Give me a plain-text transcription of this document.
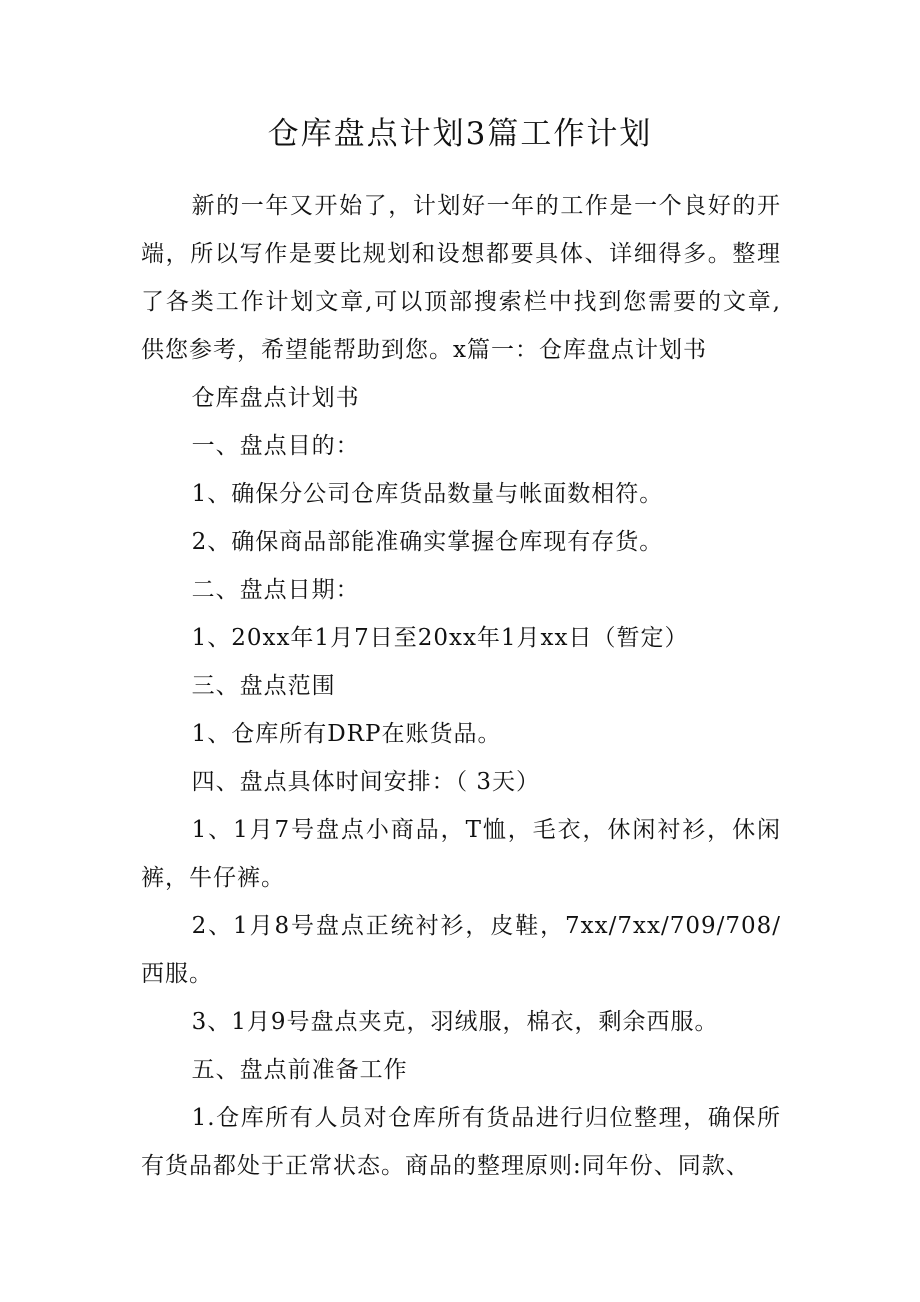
仓库盘点计划3篇工作计划

新的一年又开始了，计划好一年的工作是一个良好的开端，所以写作是要比规划和设想都要具体、详细得多。整理了各类工作计划文章,可以顶部搜索栏中找到您需要的文章,供您参考，希望能帮助到您。x篇一：仓库盘点计划书

仓库盘点计划书

一、盘点目的：

1、确保分公司仓库货品数量与帐面数相符。

2、确保商品部能准确实掌握仓库现有存货。

二、盘点日期：

1、20xx年1月7日至20xx年1月xx日（暂定）

三、盘点范围

1、仓库所有DRP在账货品。

四、盘点具体时间安排：（ 3天）

1、1月7号盘点小商品，T恤，毛衣，休闲衬衫，休闲裤，牛仔裤。

2、1月8号盘点正统衬衫，皮鞋，7xx/7xx/709/708/西服。

3、1月9号盘点夹克，羽绒服，棉衣，剩余西服。

五、盘点前准备工作

1.仓库所有人员对仓库所有货品进行归位整理，确保所有货品都处于正常状态。商品的整理原则:同年份、同款、
